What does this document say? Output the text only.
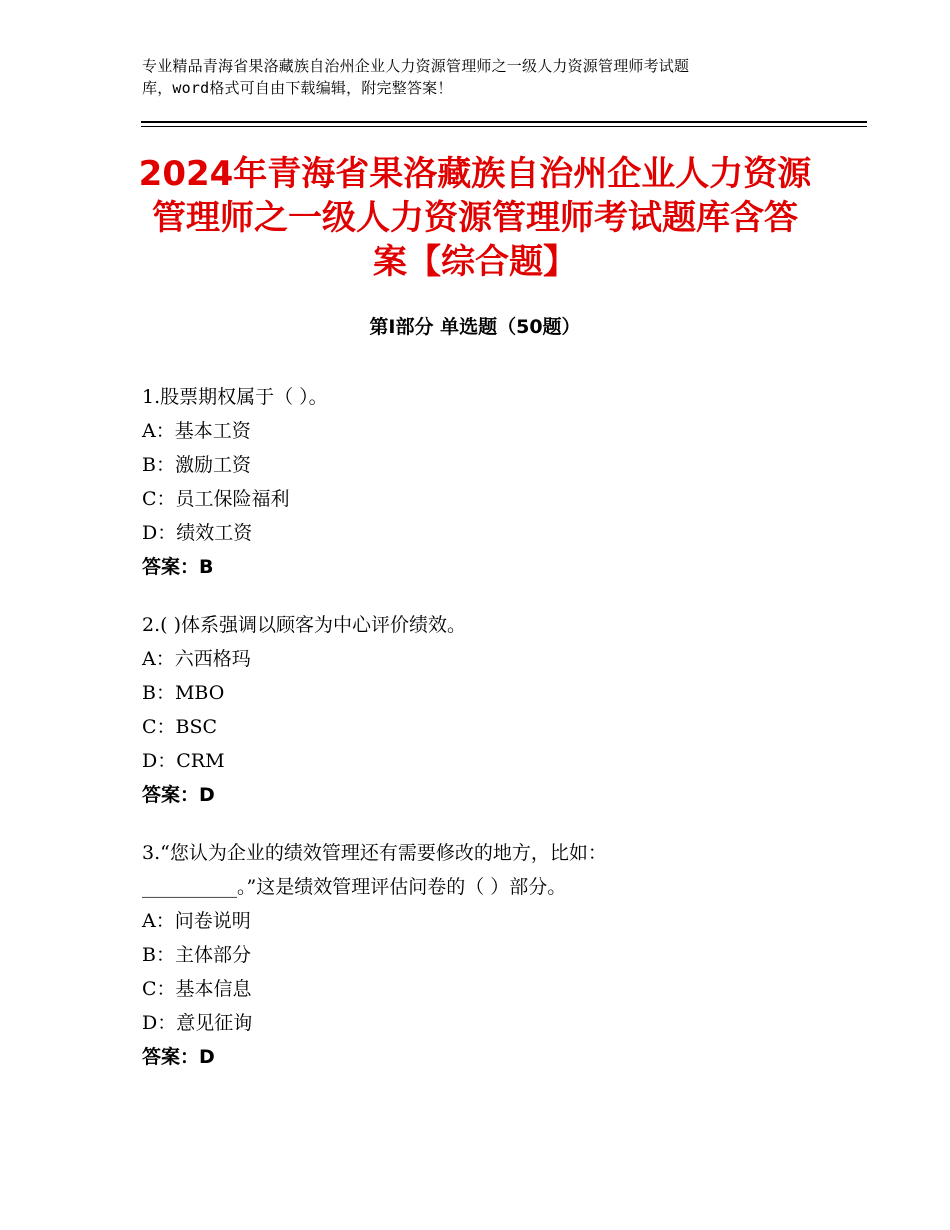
专业精品青海省果洛藏族自治州企业人力资源管理师之一级人力资源管理师考试题
库，word格式可自由下载编辑，附完整答案！
2024年青海省果洛藏族自治州企业人力资源
管理师之一级人力资源管理师考试题库含答
案【综合题】
第Ⅰ部分 单选题（50题）
1.股票期权属于（ ）。
A：基本工资
B：激励工资
C：员工保险福利
D：绩效工资
答案：B
2.( )体系强调以顾客为中心评价绩效。
A：六西格玛
B：MBO
C：BSC
D：CRM
答案：D
3.“您认为企业的绩效管理还有需要修改的地方，比如：
__________。”这是绩效管理评估问卷的（ ）部分。
A：问卷说明
B：主体部分
C：基本信息
D：意见征询
答案：D
